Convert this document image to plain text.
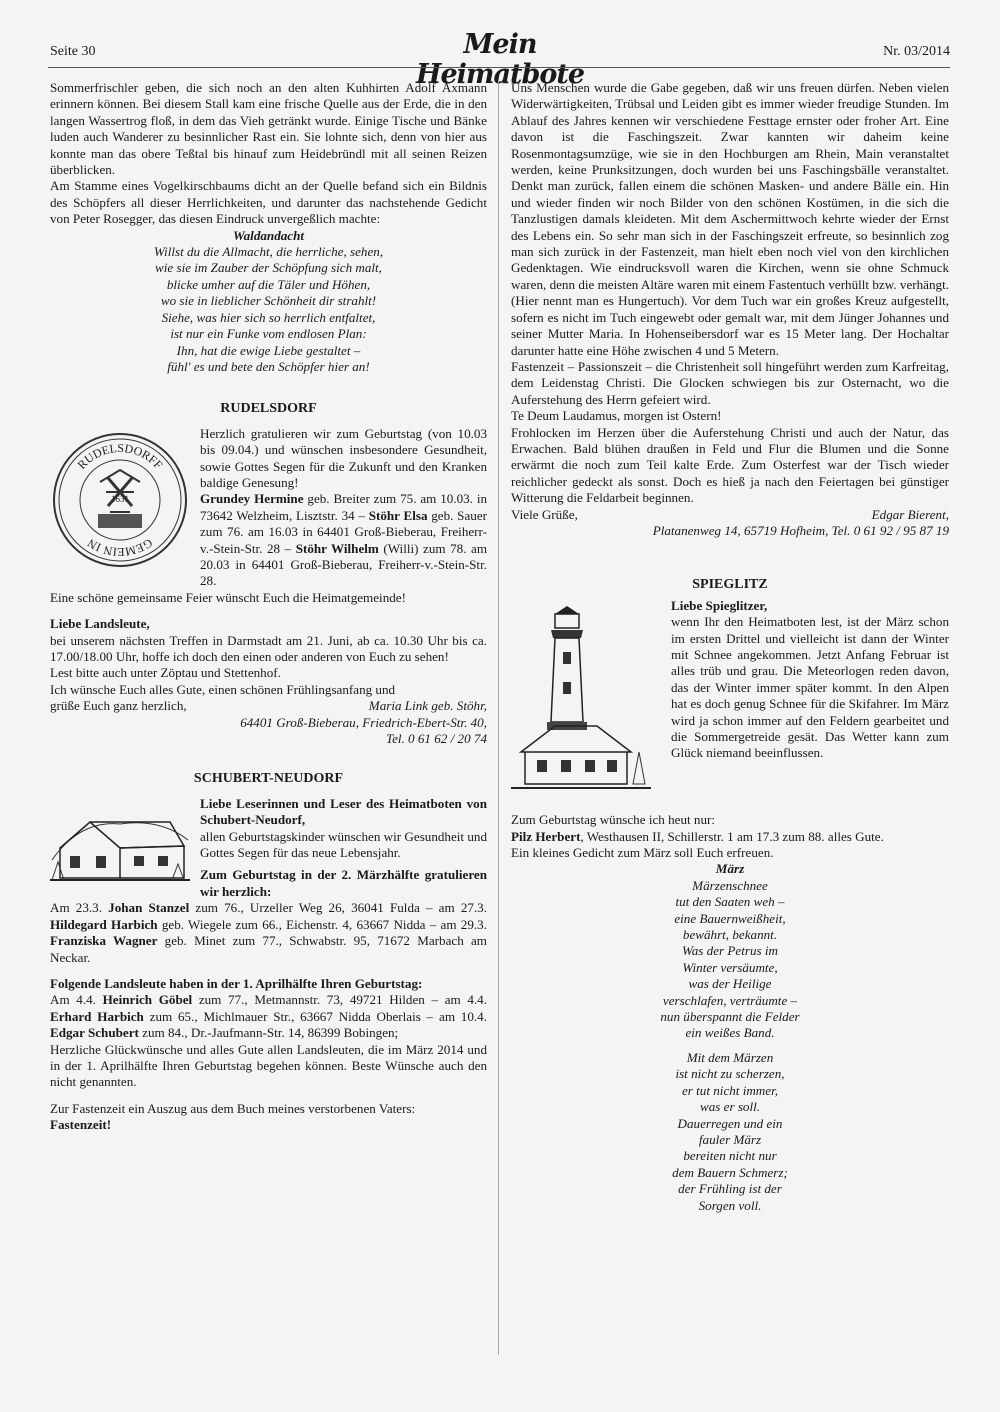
Seite 30	Mein Heimatbote
Nr. 03/2014

Sommerfrischler geben, die sich noch an den alten Kuhhirten Adolf Axmann erinnern können. Bei diesem Stall kam eine frische Quelle aus der Erde, die in den langen Wassertrog floß, in dem das Vieh getränkt wurde. Einige Tische und Bänke luden auch Wanderer zu besinnlicher Rast ein. Sie lohnte sich, denn von hier aus konnte man das obere Teßtal bis hinauf zum Heidebründl mit all seinen Reizen überblicken.

Am Stamme eines Vogelkirschbaums dicht an der Quelle befand sich ein Bildnis des Schöpfers all dieser Herrlichkeiten, und darunter das nachstehende Gedicht von Peter Rosegger, das diesen Eindruck unvergeßlich machte:

Waldandacht
Willst du die Allmacht, die herrliche, sehen,
wie sie im Zauber der Schöpfung sich malt,
blicke umher auf die Täler und Höhen,
wo sie in lieblicher Schönheit dir strahlt!
Siehe, was hier sich so herrlich entfaltet,
ist nur ein Funke vom endlosen Plan:
Ihn, hat die ewige Liebe gestaltet –
fühl' es und bete den Schöpfer hier an!
RUDELSDORF
RUDELSDORFF
GEMEIN IN
1631

Herzlich gratulieren wir zum Geburtstag (von 10.03 bis 09.04.) und wünschen insbesondere Gesundheit, sowie Gottes Segen für die Zukunft und den Kranken baldige Genesung!

Grundey Hermine geb. Breiter zum 75. am 10.03. in 73642 Welzheim, Lisztstr. 34 – Stöhr Elsa geb. Sauer zum 76. am 16.03 in 64401 Groß-Bieberau, Freiherr-v.-Stein-Str. 28 – Stöhr Wilhelm (Willi) zum 78. am 20.03 in 64401 Groß-Bieberau, Freiherr-v.-Stein-Str. 28.

Eine schöne gemeinsame Feier wünscht Euch die Heimatgemeinde!

Liebe Landsleute,

bei unserem nächsten Treffen in Darmstadt am 21. Juni, ab ca. 10.30 Uhr bis ca. 17.00/18.00 Uhr, hoffe ich doch den einen oder anderen von Euch zu sehen!

Lest bitte auch unter Zöptau und Stettenhof.

Ich wünsche Euch alles Gute, einen schönen Frühlingsanfang und

grüße Euch ganz herzlich,	Maria Link geb. Stöhr,
64401 Groß-Bieberau, Friedrich-Ebert-Str. 40,
Tel. 0 61 62 / 20 74
SCHUBERT-NEUDORF

Liebe Leserinnen und Leser des Heimatboten von Schubert-Neudorf,

allen Geburtstagskinder wünschen wir Gesundheit und Gottes Segen für das neue Lebensjahr.

Zum Geburtstag in der 2. Märzhälfte gratulieren wir herzlich:

Am 23.3. Johan Stanzel zum 76., Urzeller Weg 26, 36041 Fulda – am 27.3. Hildegard Harbich geb. Wiegele zum 66., Eichenstr. 4, 63667 Nidda – am 29.3. Franziska Wagner geb. Minet zum 77., Schwabstr. 95, 71672 Marbach am Neckar.

Folgende Landsleute haben in der 1. Aprilhälfte Ihren Geburtstag:

Am 4.4. Heinrich Göbel zum 77., Metmannstr. 73, 49721 Hilden – am 4.4. Erhard Harbich zum 65., Michlmauer Str., 63667 Nidda Oberlais – am 10.4. Edgar Schubert zum 84., Dr.-Jaufmann-Str. 14, 86399 Bobingen;

Herzliche Glückwünsche und alles Gute allen Landsleuten, die im März 2014 und in der 1. Aprilhälfte Ihren Geburtstag begehen können. Beste Wünsche auch den nicht genannten.

Zur Fastenzeit ein Auszug aus dem Buch meines verstorbenen Vaters:

Fastenzeit!

Uns Menschen wurde die Gabe gegeben, daß wir uns freuen dürfen. Neben vielen Widerwärtigkeiten, Trübsal und Leiden gibt es immer wieder freudige Stunden. Im Ablauf des Jahres kennen wir verschiedene Festtage ernster oder froher Art. Eine davon ist die Faschingszeit. Zwar kannten wir daheim keine Rosenmontagsumzüge, wie sie in den Hochburgen am Rhein, Main veranstaltet werden, keine Prunksitzungen, doch wurden bei uns Faschingsbälle veranstaltet. Denkt man zurück, fallen einem die schönen Masken- und andere Bälle ein. Hin und wieder finden wir noch Bilder von den schönen Kostümen, in die sich die Tanzlustigen damals kleideten. Mit dem Aschermittwoch kehrte wieder der Ernst des Lebens ein. So sehr man sich in der Faschingszeit erfreute, so besinnlich zog man sich zurück in der Fastenzeit, man hielt eben noch viel von den kirchlichen Gedenktagen. Wie eindrucksvoll waren die Kirchen, wenn sie ohne Schmuck waren, denn die meisten Altäre waren mit einem Fastentuch verhüllt bzw. verhängt. (Hier nennt man es Hungertuch). Vor dem Tuch war ein großes Kreuz aufgestellt, sofern es nicht im Tuch eingewebt oder gemalt war, mit dem Jünger Johannes und seiner Mutter Maria. In Hohenseibersdorf war es 15 Meter lang. Der Hochaltar darunter hatte eine Höhe zwischen 4 und 5 Metern.

Fastenzeit – Passionszeit – die Christenheit soll hingeführt werden zum Karfreitag, dem Leidenstag Christi. Die Glocken schwiegen bis zur Osternacht, wo die Auferstehung des Herrn gefeiert wird.

Te Deum Laudamus, morgen ist Ostern!

Frohlocken im Herzen über die Auferstehung Christi und auch der Natur, das Erwachen. Bald blühen draußen in Feld und Flur die Blumen und die Sonne erwärmt die noch zum Teil kalte Erde. Zum Osterfest war der Tisch wieder reichlicher gedeckt als sonst. Doch es hieß ja nach den Feiertagen bei günstiger Witterung die Feldarbeit beginnen.

Viele Grüße,	Edgar Bierent,
Platanenweg 14, 65719 Hofheim, Tel. 0 61 92 / 95 87 19
SPIEGLITZ

Liebe Spieglitzer,

wenn Ihr den Heimatboten lest, ist der März schon im ersten Drittel und vielleicht ist dann der Winter mit Schnee angekommen. Jetzt Anfang Februar ist alles trüb und grau. Die Meteorlogen reden davon, das der Winter immer später kommt. In den Alpen hat es doch genug Schnee für die Skifahrer. Im März wird ja schon immer auf den Feldern gearbeitet und die Sommergetreide gesät. Das Wetter kann zum Glück niemand beeinflussen.

Zum Geburtstag wünsche ich heut nur:

Pilz Herbert, Westhausen II, Schillerstr. 1 am 17.3 zum 88. alles Gute.

Ein kleines Gedicht zum März soll Euch erfreuen.

März
Märzenschnee
tut den Saaten weh –
eine Bauernweißheit,
bewährt, bekannt.
Was der Petrus im
Winter versäumte,
was der Heilige
verschlafen, verträumte –
nun überspannt die Felder
ein weißes Band.
Mit dem Märzen
ist nicht zu scherzen,
er tut nicht immer,
was er soll.
Dauerregen und ein
fauler März
bereiten nicht nur
dem Bauern Schmerz;
der Frühling ist der
Sorgen voll.
